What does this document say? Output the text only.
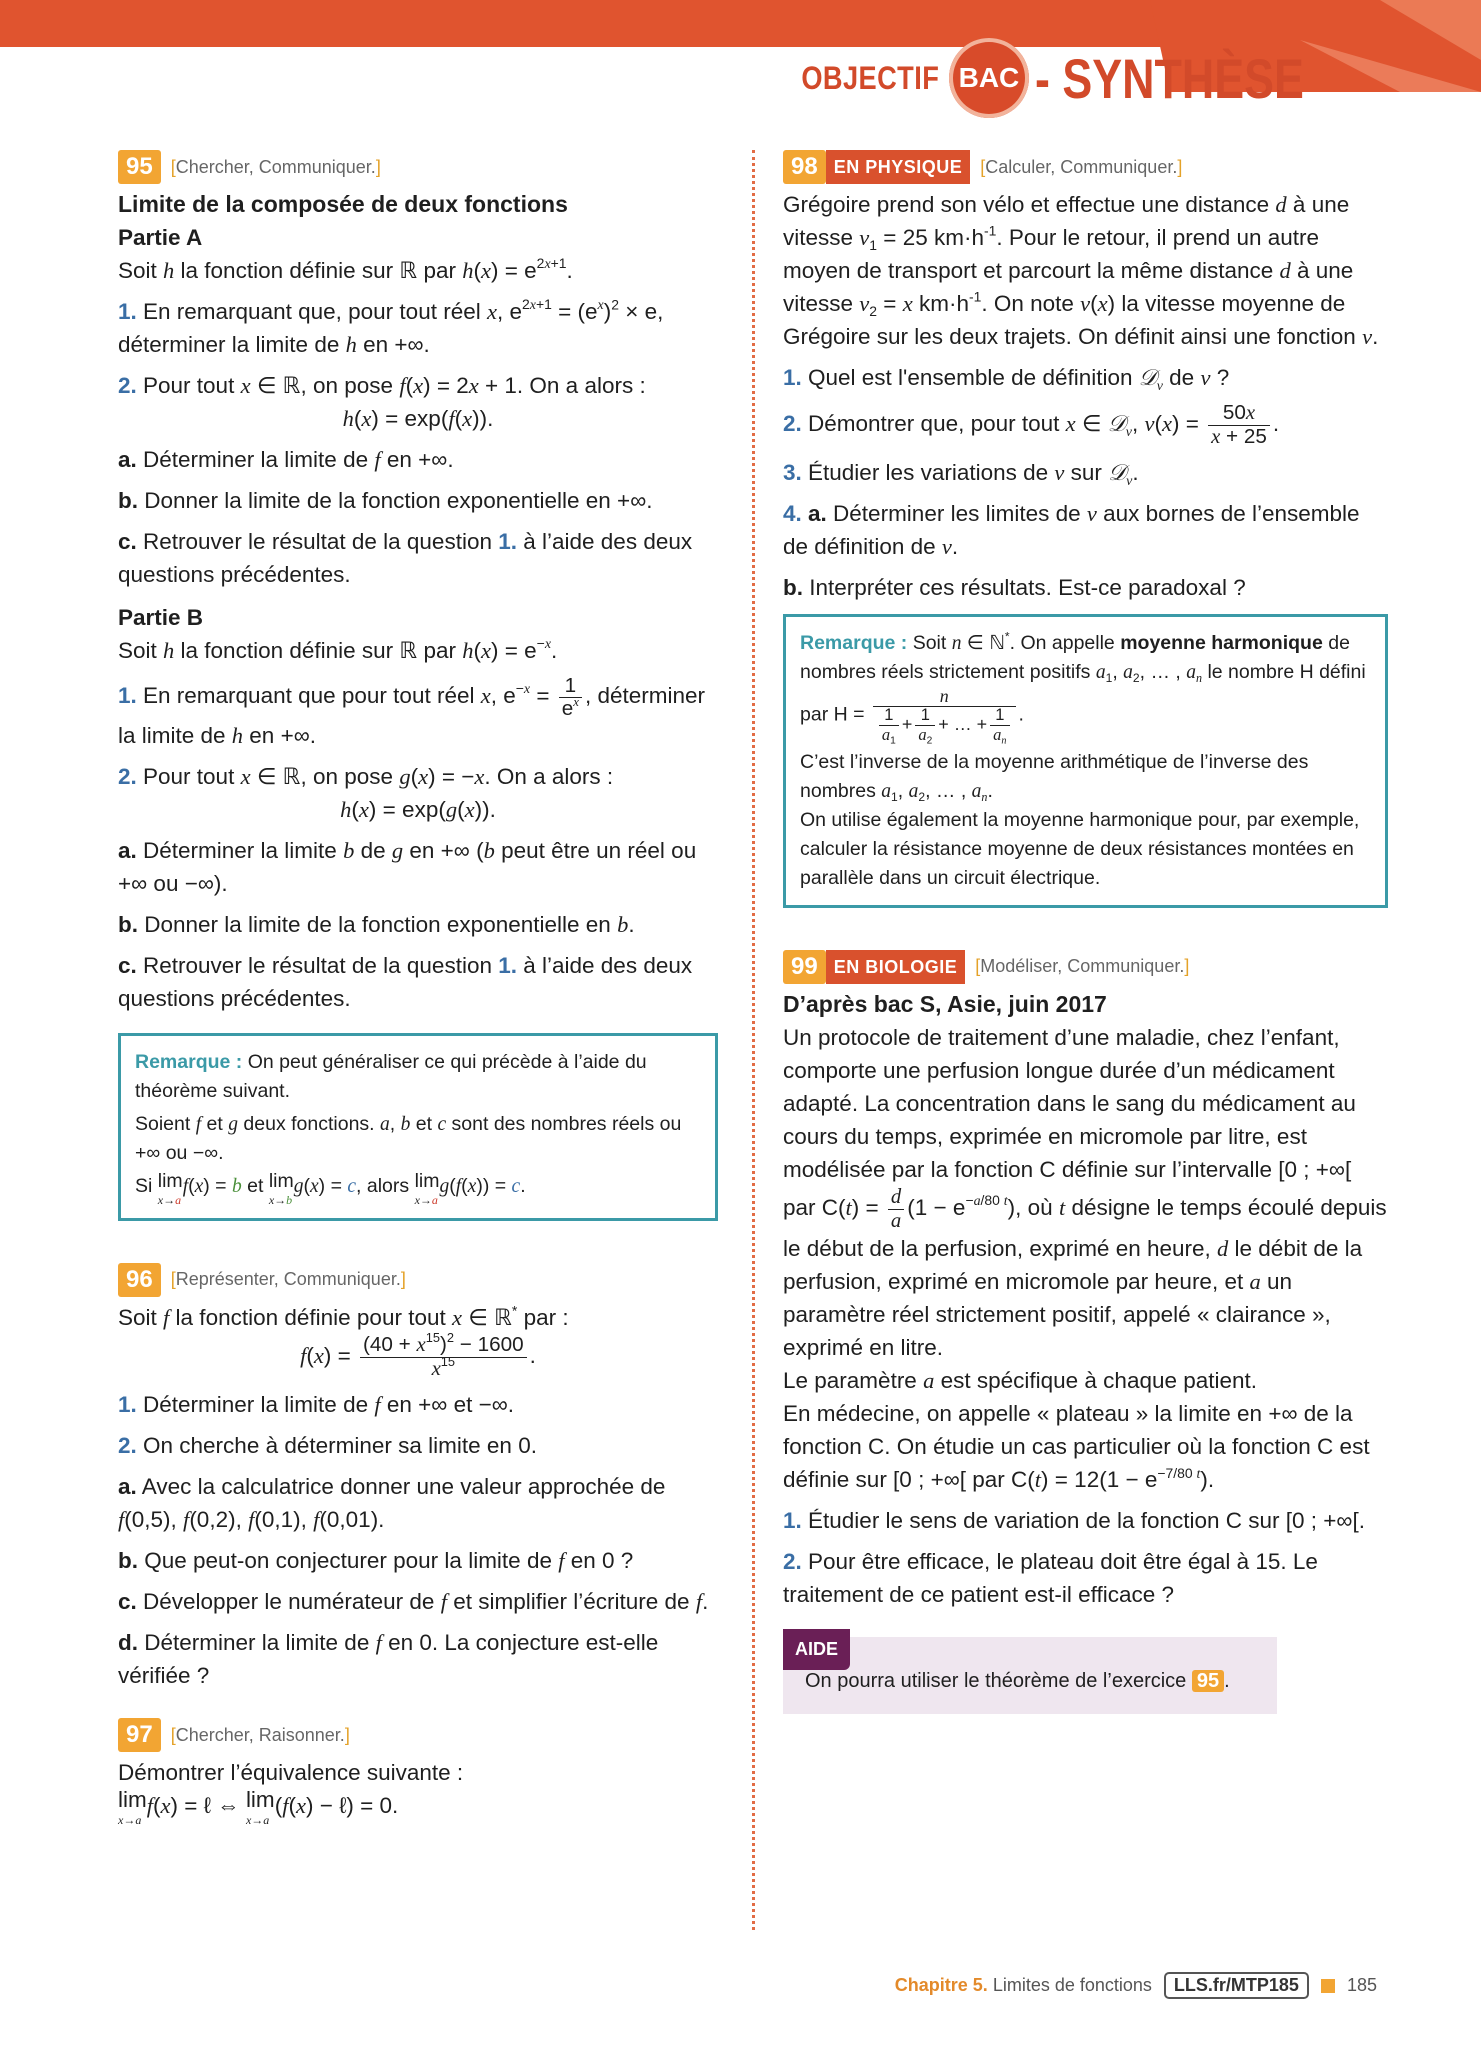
OBJECTIF BAC - SYNTHÈSE
95	[Chercher, Communiquer.]
Limite de la composée de deux fonctions
Partie A
Soit h la fonction définie sur ℝ par $h(x) = e^{2x+1}$.
1. En remarquant que, pour tout réel x, $e^{2x+1} = (e^x)^2 \times e$, déterminer la limite de h en +∞.
2. Pour tout x ∈ ℝ, on pose f(x) = 2x + 1. On a alors :
h(x) = exp(f(x)).
a. Déterminer la limite de f en +∞.
b. Donner la limite de la fonction exponentielle en +∞.
c. Retrouver le résultat de la question 1. à l’aide des deux questions précédentes.
Partie B
Soit h la fonction définie sur ℝ par $h(x) = e^{-x}$.
1. En remarquant que pour tout réel x, $e^{-x} = \frac{1}{e^x}$ , déterminer la limite de h en +∞.
2. Pour tout x ∈ ℝ, on pose g(x) = −x. On a alors :
h(x) = exp(g(x)).
a. Déterminer la limite b de g en +∞ (b peut être un réel ou +∞ ou −∞).
b. Donner la limite de la fonction exponentielle en b.
c. Retrouver le résultat de la question 1. à l’aide des deux questions précédentes.
Remarque : On peut généraliser ce qui précède à l’aide du théorème suivant.
Soient f et g deux fonctions. a, b et c sont des nombres réels ou +∞ ou −∞.
Si lim
x→a
f(x) = b et lim
x→b
g(x) = c, alors lim
x→a
g(f(x)) = c.
96	[Représenter, Communiquer.]
Soit f la fonction définie pour tout x ∈ ℝ* par :
$f(x) = \frac{(40 + x^{15})^2 - 1600}{x^{15}}$ .
1. Déterminer la limite de f en +∞ et −∞.
2. On cherche à déterminer sa limite en 0.
a. Avec la calculatrice donner une valeur approchée de f(0,5), f(0,2), f(0,1), f(0,01).
b. Que peut-on conjecturer pour la limite de f en 0 ?
c. Développer le numérateur de f et simplifier l’écriture de f.
d. Déterminer la limite de f en 0. La conjecture est-elle vérifiée ?
97	[Chercher, Raisonner.]
Démontrer l’équivalence suivante :
lim
x→a
f(x) = ℓ ⇔ lim
x→a
(f(x) − ℓ) = 0.
98 EN PHYSIQUE	[Calculer, Communiquer.]
Grégoire prend son vélo et effectue une distance d à une vitesse $v_1 = 25$ $km\cdot h^{-1}$. Pour le retour, il prend un autre moyen de transport et parcourt la même distance d à une vitesse $v_2 = x$ $km\cdot h^{-1}$. On note v(x) la vitesse moyenne de Grégoire sur les deux trajets. On définit ainsi une fonction v.
1. Quel est l'ensemble de définition 𝒟$_v$ de v ?
2. Démontrer que, pour tout x ∈ 𝒟$_v$, $v(x) = \frac{50x}{x + 25}$ .
3. Étudier les variations de v sur 𝒟$_v$.
4. a. Déterminer les limites de v aux bornes de l’ensemble de définition de v.
b. Interpréter ces résultats. Est-ce paradoxal ?
Remarque : Soit n ∈ ℕ*. On appelle moyenne harmonique de nombres réels strictement positifs $a_1$, $a_2$, … , $a_n$ le nombre H défini par $H = \frac{n}{\frac{1}{a_1} + \frac{1}{a_2} + \dots + \frac{1}{a_n}}$ .
C’est l’inverse de la moyenne arithmétique de l’inverse des nombres $a_1$, $a_2$, … , $a_n$.
On utilise également la moyenne harmonique pour, par exemple, calculer la résistance moyenne de deux résistances montées en parallèle dans un circuit électrique.
99 EN BIOLOGIE	[Modéliser, Communiquer.]
D’après bac S, Asie, juin 2017
Un protocole de traitement d’une maladie, chez l’enfant, comporte une perfusion longue durée d’un médicament adapté. La concentration dans le sang du médicament au cours du temps, exprimée en micromole par litre, est modélisée par la fonction C définie sur l’intervalle [0 ; +∞[ par $C(t) = \frac{d}{a} (1 - e^{-a/80 t})$, où t désigne le temps écoulé depuis le début de la perfusion, exprimé en heure, d le débit de la perfusion, exprimé en micromole par heure, et a un paramètre réel strictement positif, appelé « clairance », exprimé en litre.
Le paramètre a est spécifique à chaque patient.
En médecine, on appelle « plateau » la limite en +∞ de la fonction C. On étudie un cas particulier où la fonction C est définie sur [0 ; +∞[ par $C(t) = 12(1 - e^{-7/80 t})$.
1. Étudier le sens de variation de la fonction C sur [0 ; +∞[.
2. Pour être efficace, le plateau doit être égal à 15. Le traitement de ce patient est-il efficace ?
AIDE
On pourra utiliser le théorème de l’exercice 95 .
Chapitre 5. Limites de fonctions	LLS.fr/MTP185	185
